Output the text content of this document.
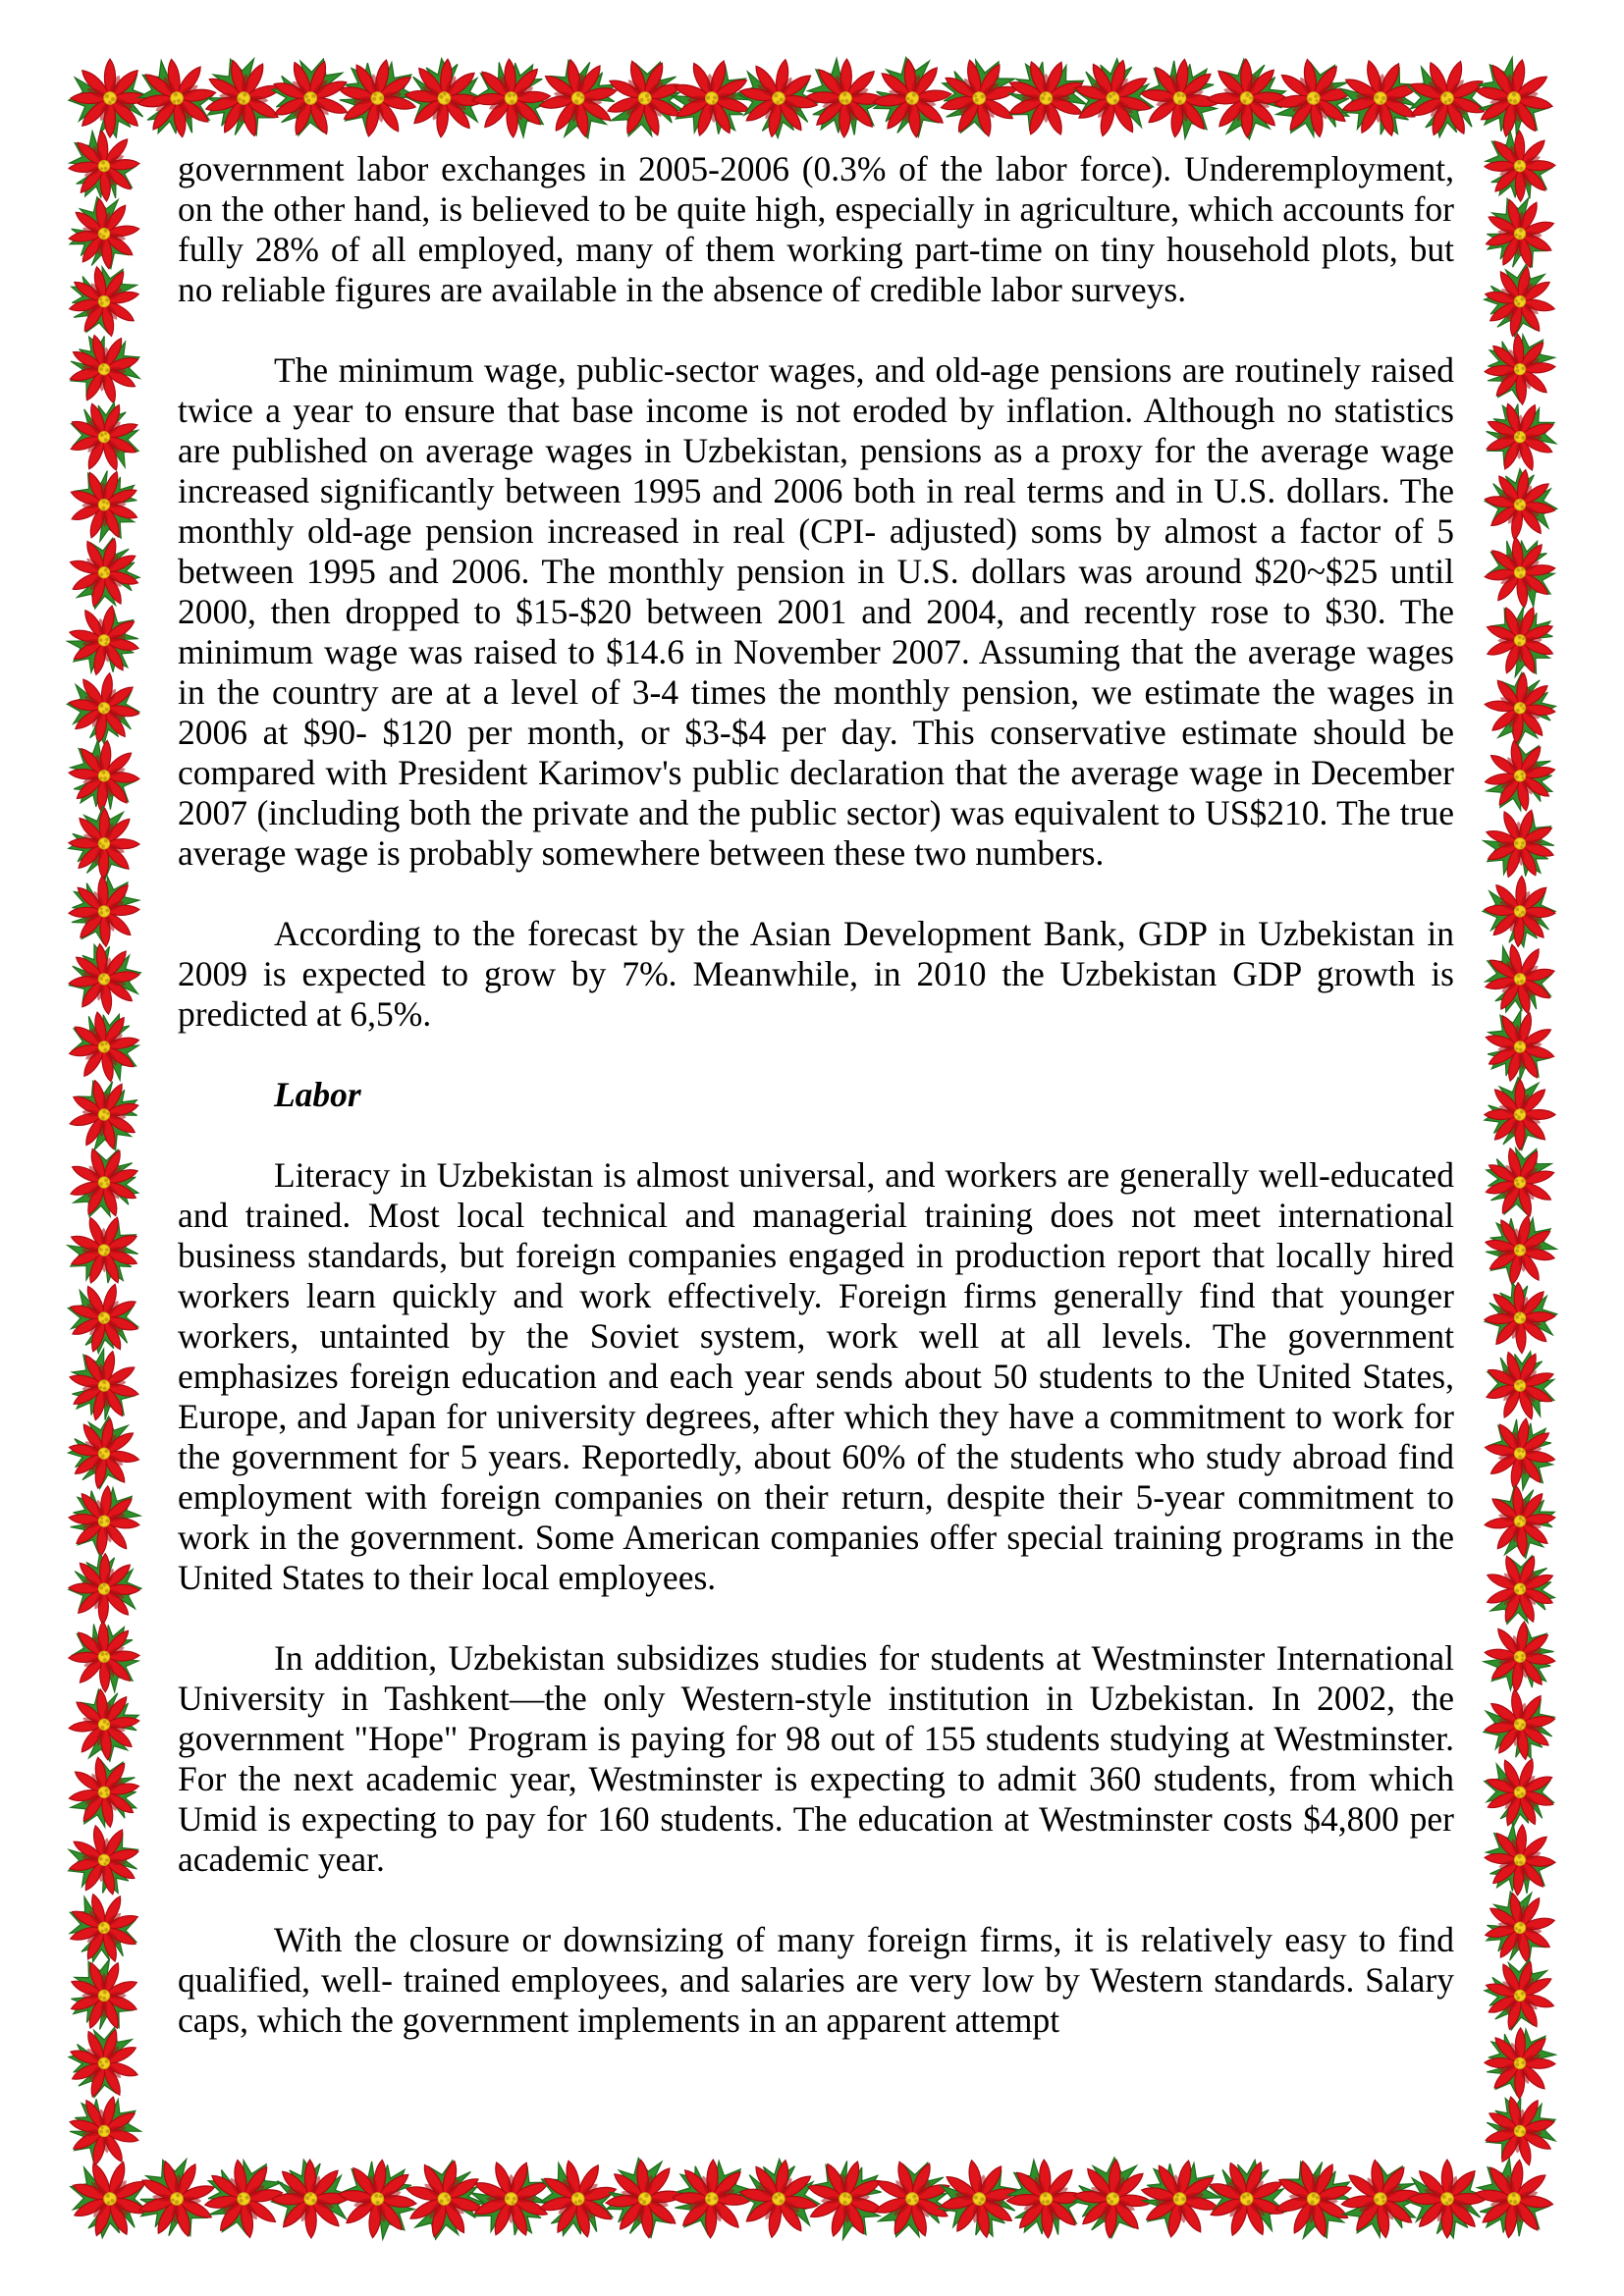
government labor exchanges in 2005-2006 (0.3% of the labor force). Underemployment, on the other hand, is believed to be quite high, especially in agriculture, which accounts for fully 28% of all employed, many of them working part-time on tiny household plots, but no reliable figures are available in the absence of credible labor surveys.

The minimum wage, public-sector wages, and old-age pensions are routinely raised twice a year to ensure that base income is not eroded by inflation. Although no statistics are published on average wages in Uzbekistan, pensions as a proxy for the average wage increased significantly between 1995 and 2006 both in real terms and in U.S. dollars. The monthly old-age pension increased in real (CPI- adjusted) soms by almost a factor of 5 between 1995 and 2006. The monthly pension in U.S. dollars was around $20~$25 until 2000, then dropped to $15-$20 between 2001 and 2004, and recently rose to $30. The minimum wage was raised to $14.6 in November 2007. Assuming that the average wages in the country are at a level of 3-4 times the monthly pension, we estimate the wages in 2006 at $90- $120 per month, or $3-$4 per day. This conservative estimate should be compared with President Karimov's public declaration that the average wage in December 2007 (including both the private and the public sector) was equivalent to US$210. The true average wage is probably somewhere between these two numbers.

According to the forecast by the Asian Development Bank, GDP in Uzbekistan in 2009 is expected to grow by 7%. Meanwhile, in 2010 the Uzbekistan GDP growth is predicted at 6,5%.

Labor

Literacy in Uzbekistan is almost universal, and workers are generally well-educated and trained. Most local technical and managerial training does not meet international business standards, but foreign companies engaged in production report that locally hired workers learn quickly and work effectively. Foreign firms generally find that younger workers, untainted by the Soviet system, work well at all levels. The government emphasizes foreign education and each year sends about 50 students to the United States, Europe, and Japan for university degrees, after which they have a commitment to work for the government for 5 years. Reportedly, about 60% of the students who study abroad find employment with foreign companies on their return, despite their 5-year commitment to work in the government. Some American companies offer special training programs in the United States to their local employees.

In addition, Uzbekistan subsidizes studies for students at Westminster International University in Tashkent—the only Western-style institution in Uzbekistan. In 2002, the government "Hope" Program is paying for 98 out of 155 students studying at Westminster. For the next academic year, Westminster is expecting to admit 360 students, from which Umid is expecting to pay for 160 students. The education at Westminster costs $4,800 per academic year.

With the closure or downsizing of many foreign firms, it is relatively easy to find qualified, well- trained employees, and salaries are very low by Western standards. Salary caps, which the government implements in an apparent attempt
